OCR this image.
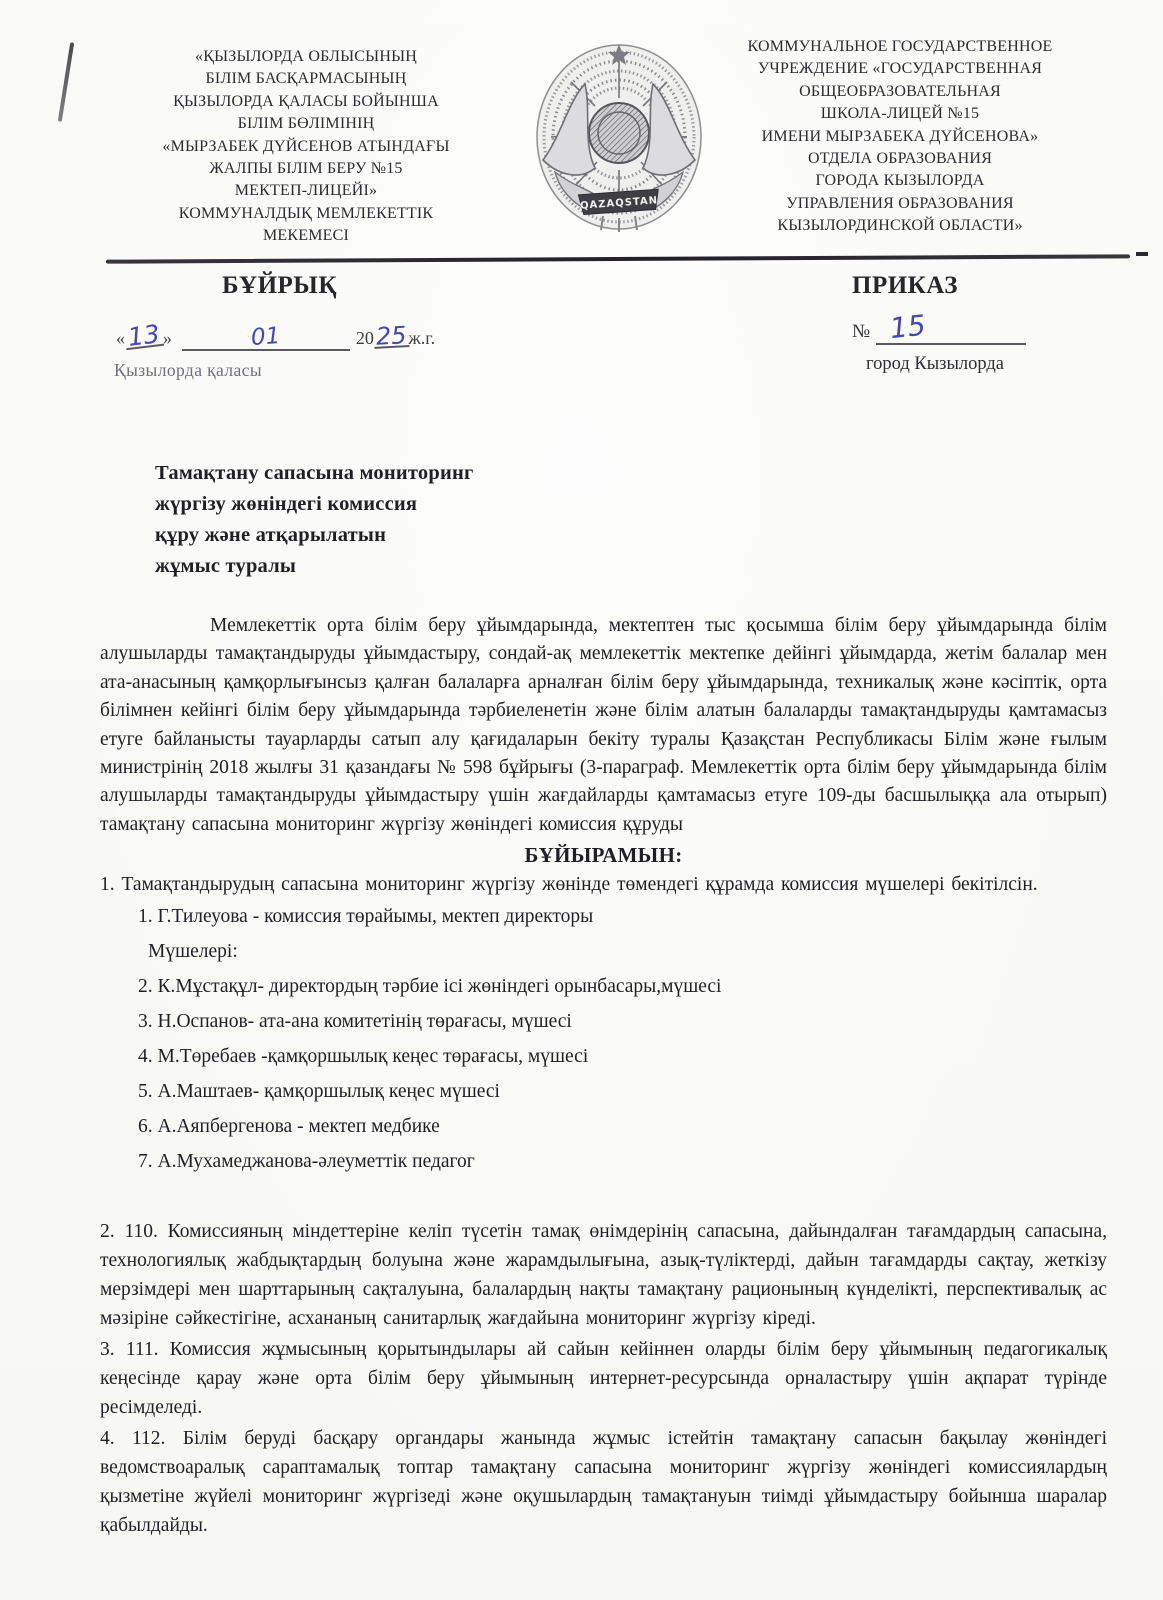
«ҚЫЗЫЛОРДА ОБЛЫСЫНЫҢ
БІЛІМ БАСҚАРМАСЫНЫҢ
ҚЫЗЫЛОРДА ҚАЛАСЫ БОЙЫНША
БІЛІМ БӨЛІМІНІҢ
«МЫРЗАБЕК ДҮЙСЕНОВ АТЫНДАҒЫ
ЖАЛПЫ БІЛІМ БЕРУ №15
МЕКТЕП-ЛИЦЕЙІ»
КОММУНАЛДЫҚ МЕМЛЕКЕТТІК
МЕКЕМЕСІ
QAZAQSTAN
КОММУНАЛЬНОЕ ГОСУДАРСТВЕННОЕ
УЧРЕЖДЕНИЕ «ГОСУДАРСТВЕННАЯ
ОБЩЕОБРАЗОВАТЕЛЬНАЯ
ШКОЛА-ЛИЦЕЙ №15
ИМЕНИ МЫРЗАБЕКА ДҮЙСЕНОВА»
ОТДЕЛА ОБРАЗОВАНИЯ
ГОРОДА КЫЗЫЛОРДА
УПРАВЛЕНИЯ ОБРАЗОВАНИЯ
КЫЗЫЛОРДИНСКОЙ ОБЛАСТИ»
БҰЙРЫҚ	ПРИКАЗ
«13»	01	2025ж.г.
Қызылорда қаласы
№ 15
город Кызылорда
Тамақтану сапасына мониторинг
жүргізу жөніндегі комиссия
құру және атқарылатын
жұмыс туралы

Мемлекеттік орта білім беру ұйымдарында, мектептен тыс қосымша білім беру ұйымдарында білім алушыларды тамақтандыруды ұйымдастыру, сондай-ақ мемлекеттік мектепке дейінгі ұйымдарда, жетім балалар мен ата-анасының қамқорлығынсыз қалған балаларға арналған білім беру ұйымдарында, техникалық және кәсіптік, орта білімнен кейінгі білім беру ұйымдарында тәрбиеленетін және білім алатын балаларды тамақтандыруды қамтамасыз етуге байланысты тауарларды сатып алу қағидаларын бекіту туралы Қазақстан Республикасы Білім және ғылым министрінің 2018 жылғы 31 қазандағы № 598 бұйрығы (3-параграф. Мемлекеттік орта білім беру ұйымдарында білім алушыларды тамақтандыруды ұйымдастыру үшін жағдайларды қамтамасыз етуге 109-ды басшылыққа ала отырып) тамақтану сапасына мониторинг жүргізу жөніндегі комиссия құруды

БҰЙЫРАМЫН:

1. Тамақтандырудың сапасына мониторинг жүргізу жөнінде төмендегі құрамда комиссия мүшелері бекітілсін.

1. Г.Тилеуова - комиссия төрайымы, мектеп директоры
Мүшелері:
2. К.Мұстақұл- директордың тәрбие ісі жөніндегі орынбасары,мүшесі
3. Н.Оспанов- ата-ана комитетінің төрағасы, мүшесі
4. М.Төребаев -қамқоршылық кеңес төрағасы, мүшесі
5. А.Маштаев- қамқоршылық кеңес мүшесі
6. А.Аяпбергенова - мектеп медбике
7. А.Мухамеджанова-әлеуметтік педагог

2. 110. Комиссияның міндеттеріне келіп түсетін тамақ өнімдерінің сапасына, дайындалған тағамдардың сапасына, технологиялық жабдықтардың болуына және жарамдылығына, азық-түліктерді, дайын тағамдарды сақтау, жеткізу мерзімдері мен шарттарының сақталуына, балалардың нақты тамақтану рационының күнделікті, перспективалық ас мәзіріне сәйкестігіне, асхананың санитарлық жағдайына мониторинг жүргізу кіреді.

3. 111. Комиссия жұмысының қорытындылары ай сайын кейіннен оларды білім беру ұйымының педагогикалық кеңесінде қарау және орта білім беру ұйымының интернет-ресурсында орналастыру үшін ақпарат түрінде ресімделеді.

4. 112. Білім беруді басқару органдары жанында жұмыс істейтін тамақтану сапасын бақылау жөніндегі ведомствоаралық сараптамалық топтар тамақтану сапасына мониторинг жүргізу жөніндегі комиссиялардың қызметіне жүйелі мониторинг жүргізеді және оқушылардың тамақтануын тиімді ұйымдастыру бойынша шаралар қабылдайды.
